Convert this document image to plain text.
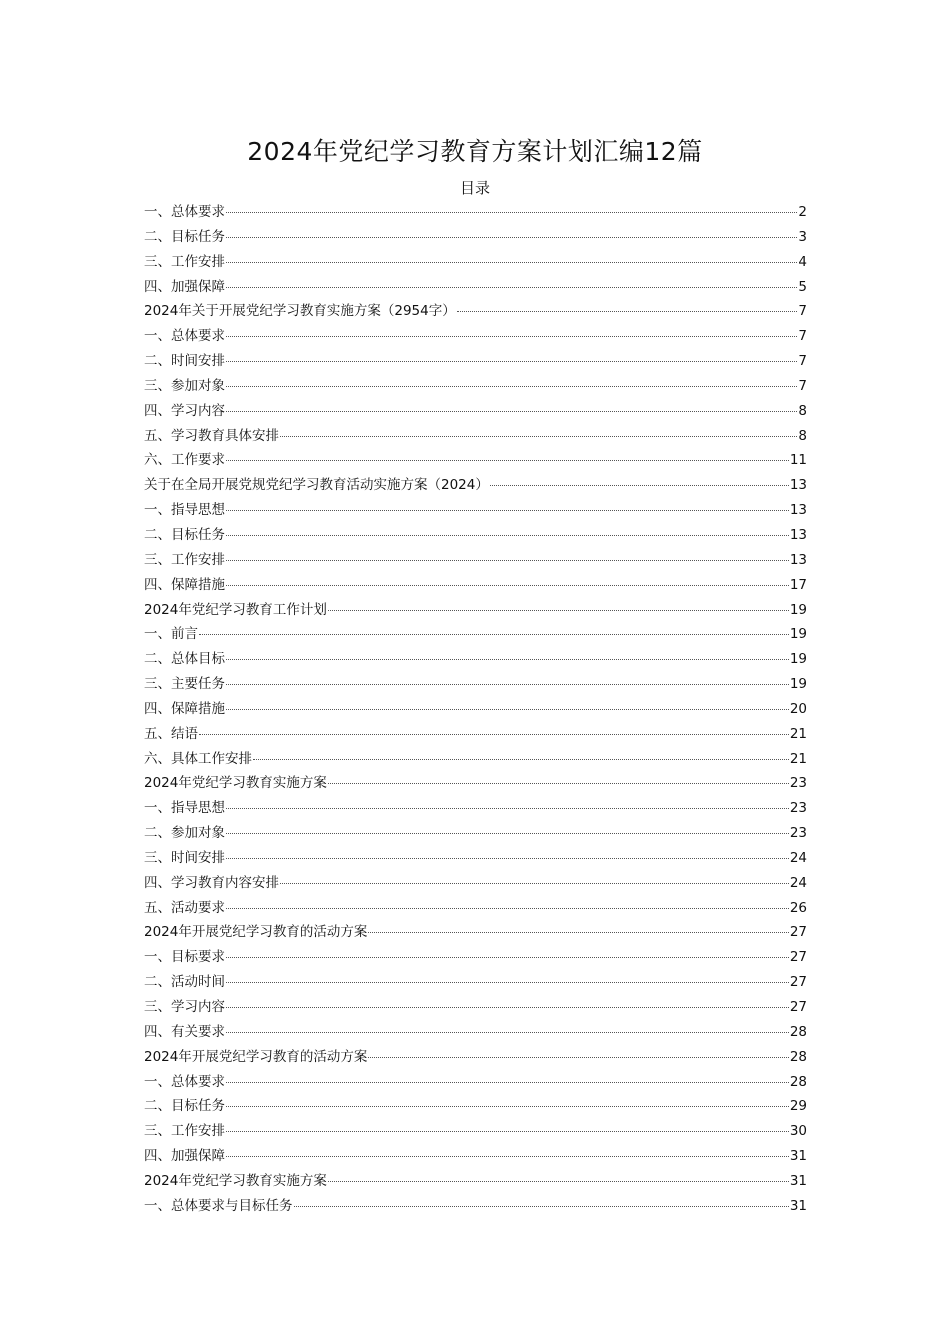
2024年党纪学习教育方案计划汇编12篇
目录
一、总体要求	2
二、目标任务	3
三、工作安排	4
四、加强保障	5
2024年关于开展党纪学习教育实施方案（2954字）	7
一、总体要求	7
二、时间安排	7
三、参加对象	7
四、学习内容	8
五、学习教育具体安排	8
六、工作要求	11
关于在全局开展党规党纪学习教育活动实施方案（2024）	13
一、指导思想	13
二、目标任务	13
三、工作安排	13
四、保障措施	17
2024年党纪学习教育工作计划	19
一、前言	19
二、总体目标	19
三、主要任务	19
四、保障措施	20
五、结语	21
六、具体工作安排	21
2024年党纪学习教育实施方案	23
一、指导思想	23
二、参加对象	23
三、时间安排	24
四、学习教育内容安排	24
五、活动要求	26
2024年开展党纪学习教育的活动方案	27
一、目标要求	27
二、活动时间	27
三、学习内容	27
四、有关要求	28
2024年开展党纪学习教育的活动方案	28
一、总体要求	28
二、目标任务	29
三、工作安排	30
四、加强保障	31
2024年党纪学习教育实施方案	31
一、总体要求与目标任务	31
